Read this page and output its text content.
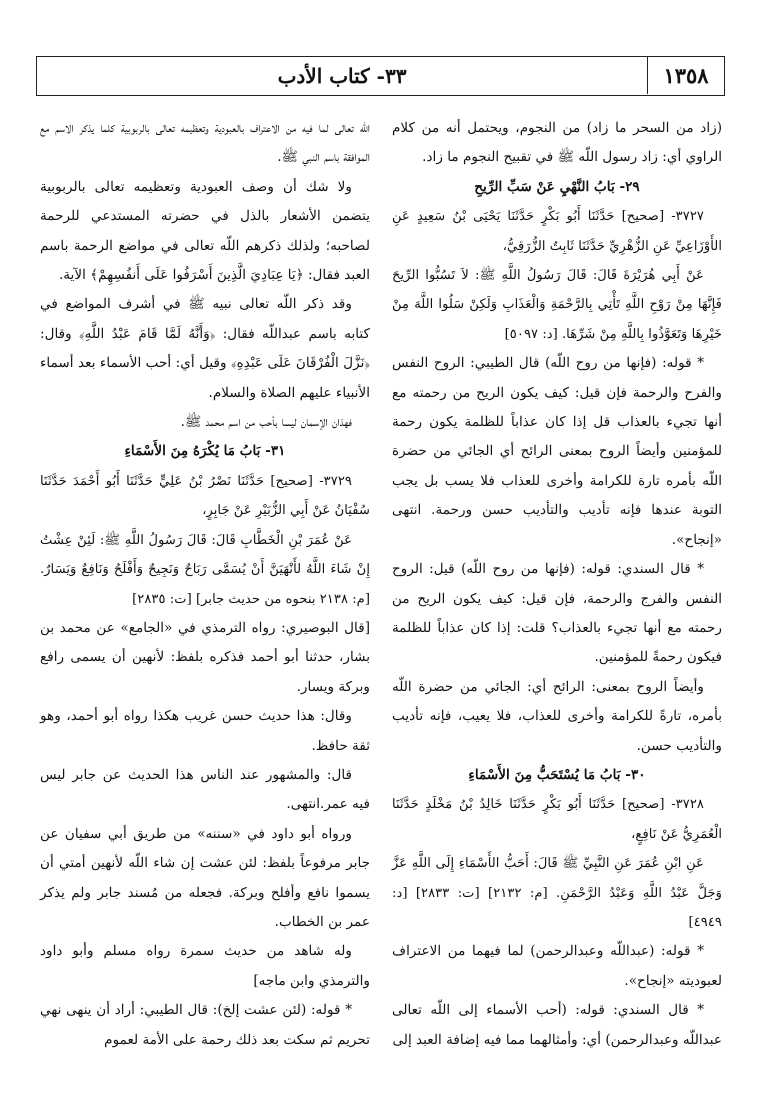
٣٣- كتاب الأدب	١٣٥٨

(زاد من السحر ما زاد) من النجوم، ويحتمل أنه من كلام الراوي أي: زاد رسول اللّه ﷺ في تقبيح النجوم ما زاد.

٢٩- بَابُ النَّهْيِ عَنْ سَبِّ الرِّيحِ

٣٧٢٧- [صحيح] حَدَّثَنَا أَبُو بَكْرٍ حَدَّثَنَا يَحْيَى بْنُ سَعِيدٍ عَنِ الأَوْزَاعِيِّ عَنِ الزُّهْرِيِّ حَدَّثَنَا ثَابِتٌ الزُّرَقِيُّ،

عَنْ أَبِي هُرَيْرَةَ قَالَ: قَالَ رَسُولُ اللَّهِ ﷺ: لاَ تَسُبُّوا الرِّيحَ فَإِنَّهَا مِنْ رَوْحِ اللَّهِ تَأْتِي بِالرَّحْمَةِ وَالْعَذَابِ وَلَكِنْ سَلُوا اللَّهَ مِنْ خَيْرِهَا وَتَعَوَّذُوا بِاللَّهِ مِنْ شَرِّهَا. [د: ٥٠٩٧]

* قوله: (فإنها من روح اللّه) قال الطيبي: الروح النفس والفرح والرحمة فإن قيل: كيف يكون الريح من رحمته مع أنها تجيء بالعذاب قل إذا كان عذاباً للظلمة يكون رحمة للمؤمنين وأيضاً الروح بمعنى الرائح أي الجائي من حضرة اللّه بأمره تارة للكرامة وأخرى للعذاب فلا يسب بل يجب التوبة عندها فإنه تأديب والتأديب حسن ورحمة. انتهى «إنجاح».

* قال السندي: قوله: (فإنها من روح اللّه) قيل: الروح النفس والفرج والرحمة، فإن قيل: كيف يكون الريح من رحمته مع أنها تجيء بالعذاب؟ قلت: إذا كان عذاباً للظلمة فيكون رحمةً للمؤمنين.

وأيضاً الروح بمعنى: الرائح أي: الجائي من حضرة اللّه بأمره، تارةً للكرامة وأخرى للعذاب، فلا يعيب، فإنه تأديب والتأديب حسن.

٣٠- بَابُ مَا يُسْتَحَبُّ مِنَ الأَسْمَاءِ

٣٧٢٨- [صحيح] حَدَّثَنَا أَبُو بَكْرٍ حَدَّثَنَا خَالِدُ بْنُ مَخْلَدٍ حَدَّثَنَا الْعُمَرِيُّ عَنْ نَافِعٍ،

عَنِ ابْنِ عُمَرَ عَنِ النَّبِيِّ ﷺ قَالَ: أَحَبُّ الأَسْمَاءِ إِلَى اللَّهِ عَزَّ وَجَلَّ عَبْدُ اللَّهِ وَعَبْدُ الرَّحْمَنِ. [م: ٢١٣٢] [ت: ٢٨٣٣] [د: ٤٩٤٩]

* قوله: (عبداللّه وعبدالرحمن) لما فيهما من الاعتراف لعبوديته «إنجاح».

* قال السندي: قوله: (أحب الأسماء إلى اللّه تعالى عبداللّه وعبدالرحمن) أي: وأمثالهما مما فيه إضافة العبد إلى

اللّه تعالى لما فيه من الاعتراف بالعبودية وتعظيمه تعالى بالربوبية كلما يذكر الاسم مع الموافقة باسم النبي ﷺ.

ولا شك أن وصف العبودية وتعظيمه تعالى بالربوبية يتضمن الأشعار بالذل في حضرته المستدعي للرحمة لصاحبه؛ ولذلك ذكرهم اللّه تعالى في مواضع الرحمة باسم العبد فقال: ﴿يَا عِبَادِيَ الَّذِينَ أَسْرَفُوا عَلَى أَنفُسِهِمْ﴾ الآية.

وقد ذكر اللّه تعالى نبيه ﷺ في أشرف المواضع في كتابه باسم عبداللّه فقال: ﴿وَأَنَّهُ لَمَّا قَامَ عَبْدُ اللَّهِ﴾ وقال: ﴿نَزَّلَ الْفُرْقَانَ عَلَى عَبْدِهِ﴾ وقيل أي: أحب الأسماء بعد أسماء الأنبياء عليهم الصلاة والسلام.

فهذان الإسمان ليسا بأحب من اسم محمد ﷺ.

٣١- بَابُ مَا يُكْرَهُ مِنَ الأَسْمَاءِ

٣٧٢٩- [صحيح] حَدَّثَنَا نَصْرُ بْنُ عَلِيٍّ حَدَّثَنَا أَبُو أَحْمَدَ حَدَّثَنَا سُفْيَانُ عَنْ أَبِي الزُّبَيْرِ عَنْ جَابِرٍ،

عَنْ عُمَرَ بْنِ الْخَطَّابِ قَالَ: قَالَ رَسُولُ اللَّهِ ﷺ: لَئِنْ عِشْتُ إِنْ شَاءَ اللَّهُ لأَنْهَيَنَّ أَنْ يُسَمَّى رَبَاحٌ وَنَجِيحٌ وَأَفْلَحُ وَنَافِعٌ وَيَسَارٌ. [م: ٢١٣٨ بنحوه من حديث جابر] [ت: ٢٨٣٥]

[قال البوصيري: رواه الترمذي في «الجامع» عن محمد بن بشار، حدثنا أبو أحمد فذكره بلفظ: لأنهين أن يسمى رافع وبركة ويسار.

وقال: هذا حديث حسن غريب هكذا رواه أبو أحمد، وهو ثقة حافظ.

قال: والمشهور عند الناس هذا الحديث عن جابر ليس فيه عمر.انتهى.

ورواه أبو داود في «سننه» من طريق أبي سفيان عن جابر مرفوعاً بلفظ: لئن عشت إن شاء اللّه لأنهين أمتي أن يسموا نافع وأفلح وبركة. فجعله من مُسند جابر ولم يذكر عمر بن الخطاب.

وله شاهد من حديث سمرة رواه مسلم وأبو داود والترمذي وابن ماجه]

* قوله: (لئن عشت إلخ): قال الطيبي: أراد أن ينهى نهي تحريم ثم سكت بعد ذلك رحمة على الأمة لعموم
